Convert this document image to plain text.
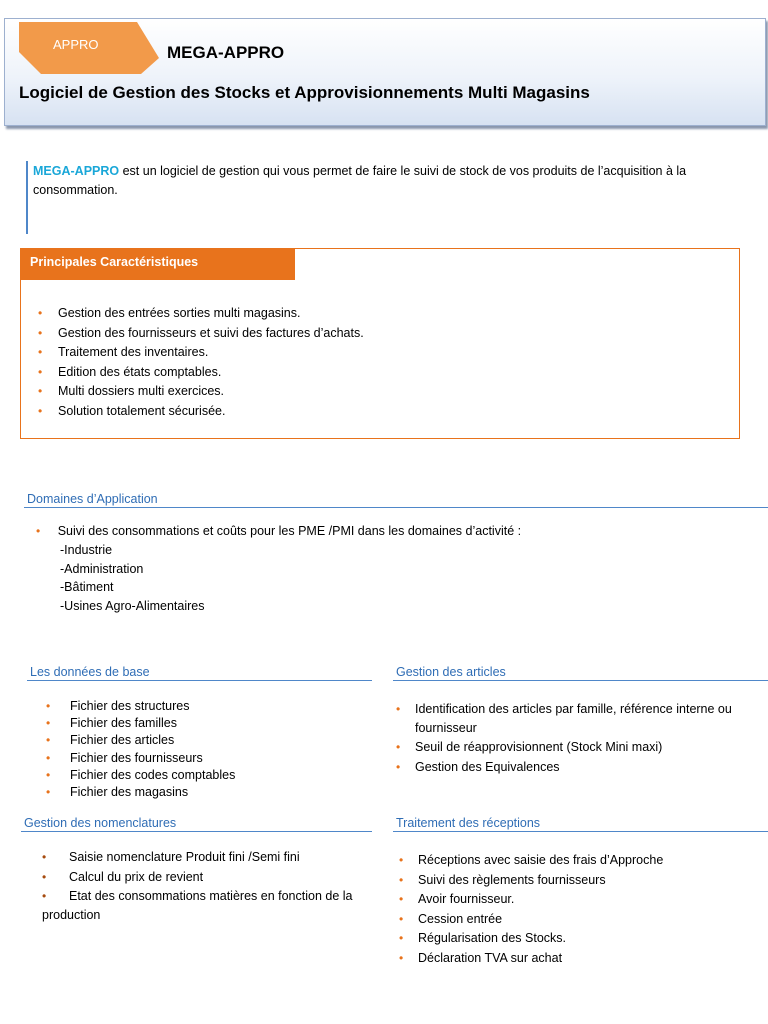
APPRO	MEGA-APPRO
Logiciel de Gestion des Stocks et Approvisionnements Multi Magasins
MEGA-APPRO est un logiciel de gestion qui vous permet de faire le suivi de stock de vos produits de l’acquisition à la consommation.
Principales Caractéristiques
• Gestion des entrées sorties multi magasins.
• Gestion des fournisseurs et suivi des factures d’achats.
• Traitement des inventaires.
• Edition des états comptables.
• Multi dossiers multi exercices.
• Solution totalement sécurisée.
Domaines d’Application
• Suivi des consommations et coûts pour les PME /PMI dans les domaines d’activité :
-Industrie
-Administration
-Bâtiment
-Usines Agro-Alimentaires
Les données de base
• Fichier des structures
• Fichier des familles
• Fichier des articles
• Fichier des fournisseurs
• Fichier des codes comptables
• Fichier des magasins
Gestion des articles
•	Identification des articles par famille, référence interne ou
fournisseur
•	Seuil de réapprovisionnent (Stock Mini maxi)
•	Gestion des Equivalences
Gestion des nomenclatures
•	Saisie nomenclature Produit fini /Semi fini
•	Calcul du prix de revient
•	Etat des consommations matières en fonction de la
production
Traitement des réceptions
• Réceptions avec saisie des frais d’Approche
• Suivi des règlements fournisseurs
• Avoir fournisseur.
• Cession entrée
• Régularisation des Stocks.
• Déclaration TVA sur achat
